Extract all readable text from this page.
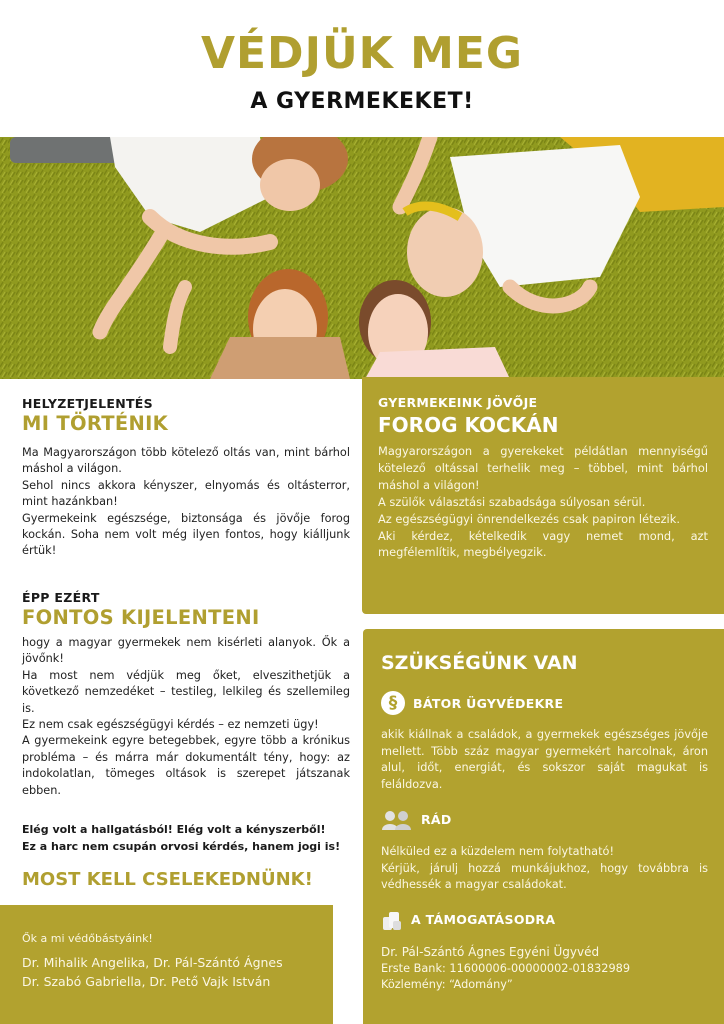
VÉDJÜK MEG
A GYERMEKEKET!
HELYZETJELENTÉS
MI TÖRTÉNIK

Ma Magyarországon több kötelező oltás van, mint bárhol máshol a világon.

Sehol nincs akkora kényszer, elnyomás és oltásterror, mint hazánkban!

Gyermekeink egészsége, biztonsága és jövője forog kockán. Soha nem volt még ilyen fontos, hogy kiálljunk értük!

ÉPP EZÉRT
FONTOS KIJELENTENI

hogy a magyar gyermekek nem kisérleti alanyok. Ők a jövőnk!

Ha most nem védjük meg őket, elveszithetjük a következő nemzedéket – testileg, lelkileg és szellemileg is.

Ez nem csak egészségügyi kérdés – ez nemzeti ügy!

A gyermekeink egyre betegebbek, egyre több a krónikus probléma – és márra már dokumentált tény, hogy: az indokolatlan, tömeges oltások is szerepet játszanak ebben.

Elég volt a hallgatásból! Elég volt a kényszerből!
Ez a harc nem csupán orvosi kérdés, hanem jogi is!
MOST KELL CSELEKEDNÜNK!
Ők a mi védőbástyáink!
Dr. Mihalik Angelika, Dr. Pál-Szántó Ágnes
Dr. Szabó Gabriella, Dr. Pető Vajk István
GYERMEKEINK JÖVŐJE
FOROG KOCKÁN

Magyarországon a gyerekeket példátlan mennyiségű kötelező oltással terhelik meg – többel, mint bárhol máshol a világon!

A szülők választási szabadsága súlyosan sérül.

Az egészségügyi önrendelkezés csak papiron létezik.

Aki kérdez, kételkedik vagy nemet mond, azt megfélemlítik, megbélyegzik.

SZÜKSÉGÜNK VAN
§	BÁTOR ÜGYVÉDEKRE

akik kiállnak a családok, a gyermekek egészséges jövője mellett. Több száz magyar gyermekért harcolnak, áron alul, időt, energiát, és sokszor saját magukat is feláldozva.

RÁD

Nélküled ez a küzdelem nem folytatható!

Kérjük, járulj hozzá munkájukhoz, hogy továbbra is védhessék a magyar családokat.

A TÁMOGATÁSODRA

Dr. Pál-Szántó Ágnes Egyéni Ügyvéd

Erste Bank: 11600006-00000002-01832989

Közlemény: “Adomány”
